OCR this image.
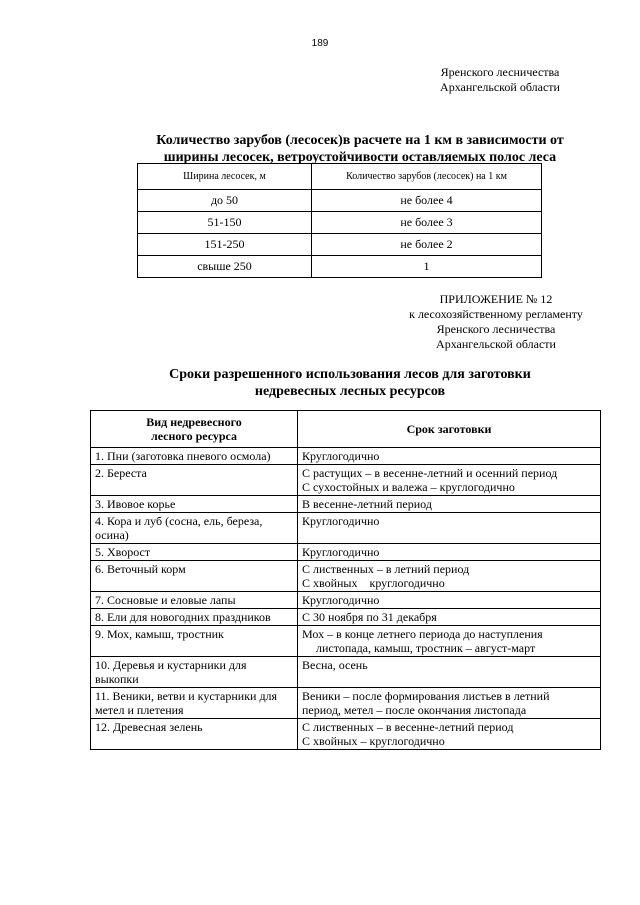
189
Яренского лесничества
Архангельской области
Количество зарубов (лесосек)в расчете на 1 км в зависимости от
ширины лесосек, ветроустойчивости оставляемых полос леса
Ширина лесосек, м	Количество зарубов (лесосек) на 1 км
до 50	не более 4
51-150	не более 3
151-250	не более 2
свыше 250	1
ПРИЛОЖЕНИЕ № 12
к лесохозяйственному регламенту
Яренского лесничества
Архангельской области
Сроки разрешенного использования лесов для заготовки
недревесных лесных ресурсов
Вид недревесного
лесного ресурса	Срок заготовки
1. Пни (заготовка пневого осмола)	Круглогодично

2. Береста	С растущих – в весенне-летний и осенний период
С сухостойных и валежа – круглогодично

3. Ивовое корье	В весенне-летний период

4. Кора и луб (сосна, ель, береза, осина)	Круглогодично

5. Хворост	Круглогодично

6. Веточный корм	С лиственных – в летний период
С хвойных    круглогодично

7. Сосновые и еловые лапы	Круглогодично

8. Ели для новогодних праздников	С 30 ноября по 31 декабря

9. Мох, камыш, тростник	Мох – в конце летнего периода до наступления
листопада, камыш, тростник – август-март

10. Деревья и кустарники для выкопки	Весна, осень

11. Веники, ветви и кустарники для метел и плетения	Веники – после формирования листьев в летний
период, метел – после окончания листопада

12. Древесная зелень	С лиственных – в весенне-летний период
С хвойных – круглогодично
